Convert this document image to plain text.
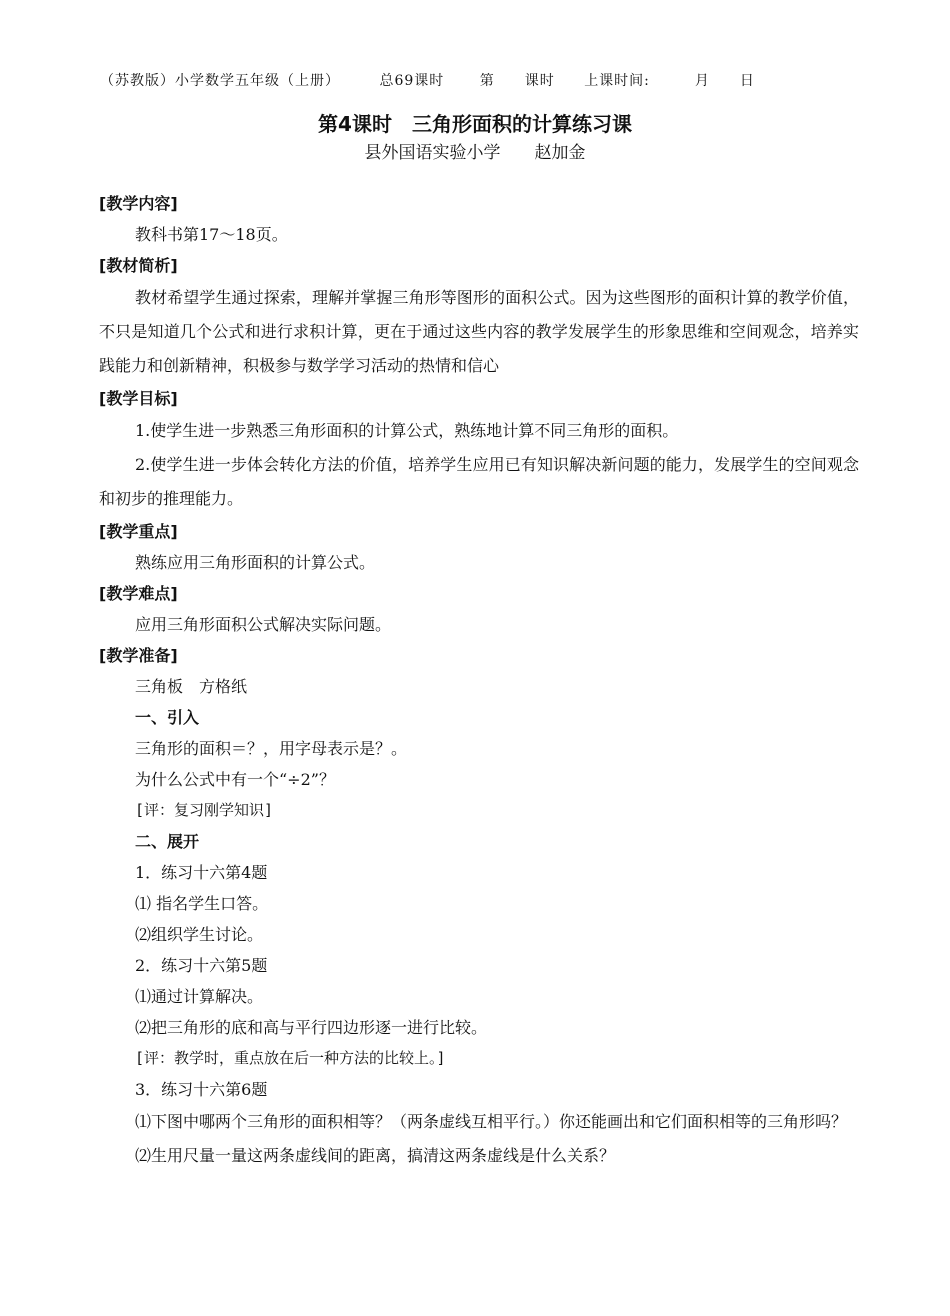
（苏教版）小学数学五年级（上册）	总69课时	第　　课时 上课时间:　　　月　　日
第4课时　三角形面积的计算练习课
县外国语实验小学　　赵加金
[教学内容]
教科书第17～18页。
[教材简析]
教材希望学生通过探索，理解并掌握三角形等图形的面积公式。因为这些图形的面积计算的教学价值，不只是知道几个公式和进行求积计算，更在于通过这些内容的教学发展学生的形象思维和空间观念，培养实践能力和创新精神，积极参与数学学习活动的热情和信心
[教学目标]
1.使学生进一步熟悉三角形面积的计算公式，熟练地计算不同三角形的面积。
2.使学生进一步体会转化方法的价值，培养学生应用已有知识解决新问题的能力，发展学生的空间观念和初步的推理能力。
[教学重点]
熟练应用三角形面积的计算公式。
[教学难点]
应用三角形面积公式解决实际问题。
[教学准备]
三角板　方格纸
一、引入
三角形的面积＝？，用字母表示是？。
为什么公式中有一个“÷2”？
[评：复习刚学知识]
二、展开
1．练习十六第4题
⑴ 指名学生口答。
⑵组织学生讨论。
2．练习十六第5题
⑴通过计算解决。
⑵把三角形的底和高与平行四边形逐一进行比较。
[评：教学时，重点放在后一种方法的比较上。]
3．练习十六第6题
⑴下图中哪两个三角形的面积相等？（两条虚线互相平行。）你还能画出和它们面积相等的三角形吗？
⑵生用尺量一量这两条虚线间的距离，搞清这两条虚线是什么关系？
